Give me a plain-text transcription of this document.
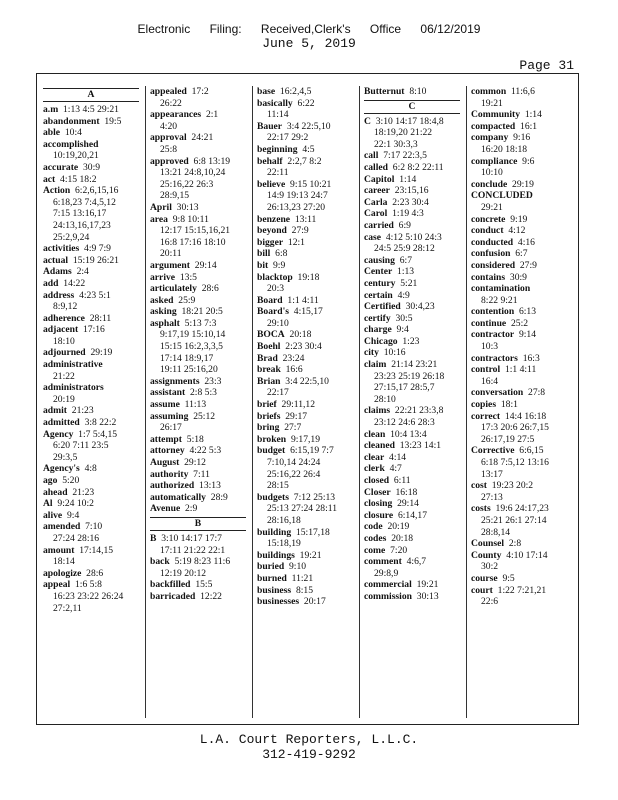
Electronic Filing: Received,Clerk's Office 06/12/2019
June 5, 2019
Page 31
A
a.m  1:13 4:5 29:21
abandonment  19:5
able  10:4
accomplished
10:19,20,21
accurate  30:9
act  4:15 18:2
Action  6:2,6,15,16
6:18,23 7:4,5,12
7:15 13:16,17
24:13,16,17,23
25:2,9,24
activities  4:9 7:9
actual  15:19 26:21
Adams  2:4
add  14:22
address  4:23 5:1
8:9,12
adherence  28:11
adjacent  17:16
18:10
adjourned  29:19
administrative
21:22
administrators
20:19
admit  21:23
admitted  3:8 22:2
Agency  1:7 5:4,15
6:20 7:11 23:5
29:3,5
Agency's  4:8
ago  5:20
ahead  21:23
Al  9:24 10:2
alive  9:4
amended  7:10
27:24 28:16
amount  17:14,15
18:14
apologize  28:6
appeal  1:6 5:8
16:23 23:22 26:24
27:2,11
appealed  17:2
26:22
appearances  2:1
4:20
approval  24:21
25:8
approved  6:8 13:19
13:21 24:8,10,24
25:16,22 26:3
28:9,15
April  30:13
area  9:8 10:11
12:17 15:15,16,21
16:8 17:16 18:10
20:11
argument  29:14
arrive  13:5
articulately  28:6
asked  25:9
asking  18:21 20:5
asphalt  5:13 7:3
9:17,19 15:10,14
15:15 16:2,3,3,5
17:14 18:9,17
19:11 25:16,20
assignments  23:3
assistant  2:8 5:3
assume  11:13
assuming  25:12
26:17
attempt  5:18
attorney  4:22 5:3
August  29:12
authority  7:11
authorized  13:13
automatically  28:9
Avenue  2:9
B
B  3:10 14:17 17:7
17:11 21:22 22:1
back  5:19 8:23 11:6
12:19 20:12
backfilled  15:5
barricaded  12:22
base  16:2,4,5
basically  6:22
11:14
Bauer  3:4 22:5,10
22:17 29:2
beginning  4:5
behalf  2:2,7 8:2
22:11
believe  9:15 10:21
14:9 19:13 24:7
26:13,23 27:20
benzene  13:11
beyond  27:9
bigger  12:1
bill  6:8
bit  9:9
blacktop  19:18
20:3
Board  1:1 4:11
Board's  4:15,17
29:10
BOCA  20:18
Boehl  2:23 30:4
Brad  23:24
break  16:6
Brian  3:4 22:5,10
22:17
brief  29:11,12
briefs  29:17
bring  27:7
broken  9:17,19
budget  6:15,19 7:7
7:10,14 24:24
25:16,22 26:4
28:15
budgets  7:12 25:13
25:13 27:24 28:11
28:16,18
building  15:17,18
15:18,19
buildings  19:21
buried  9:10
burned  11:21
business  8:15
businesses  20:17
Butternut  8:10
C
C  3:10 14:17 18:4,8
18:19,20 21:22
22:1 30:3,3
call  7:17 22:3,5
called  6:2 8:2 22:11
Capitol  1:14
career  23:15,16
Carla  2:23 30:4
Carol  1:19 4:3
carried  6:9
case  4:12 5:10 24:3
24:5 25:9 28:12
causing  6:7
Center  1:13
century  5:21
certain  4:9
Certified  30:4,23
certify  30:5
charge  9:4
Chicago  1:23
city  10:16
claim  21:14 23:21
23:23 25:19 26:18
27:15,17 28:5,7
28:10
claims  22:21 23:3,8
23:12 24:6 28:3
clean  10:4 13:4
cleaned  13:23 14:1
clear  4:14
clerk  4:7
closed  6:11
Closer  16:18
closing  29:14
closure  6:14,17
code  20:19
codes  20:18
come  7:20
comment  4:6,7
29:8,9
commercial  19:21
commission  30:13
common  11:6,6
19:21
Community  1:14
compacted  16:1
company  9:16
16:20 18:18
compliance  9:6
10:10
conclude  29:19
CONCLUDED
29:21
concrete  9:19
conduct  4:12
conducted  4:16
confusion  6:7
considered  27:9
contains  30:9
contamination
8:22 9:21
contention  6:13
continue  25:2
contractor  9:14
10:3
contractors  16:3
control  1:1 4:11
16:4
conversation  27:8
copies  18:1
correct  14:4 16:18
17:3 20:6 26:7,15
26:17,19 27:5
Corrective  6:6,15
6:18 7:5,12 13:16
13:17
cost  19:23 20:2
27:13
costs  19:6 24:17,23
25:21 26:1 27:14
28:8,14
Counsel  2:8
County  4:10 17:14
30:2
course  9:5
court  1:22 7:21,21
22:6
L.A. Court Reporters, L.L.C.
312-419-9292
